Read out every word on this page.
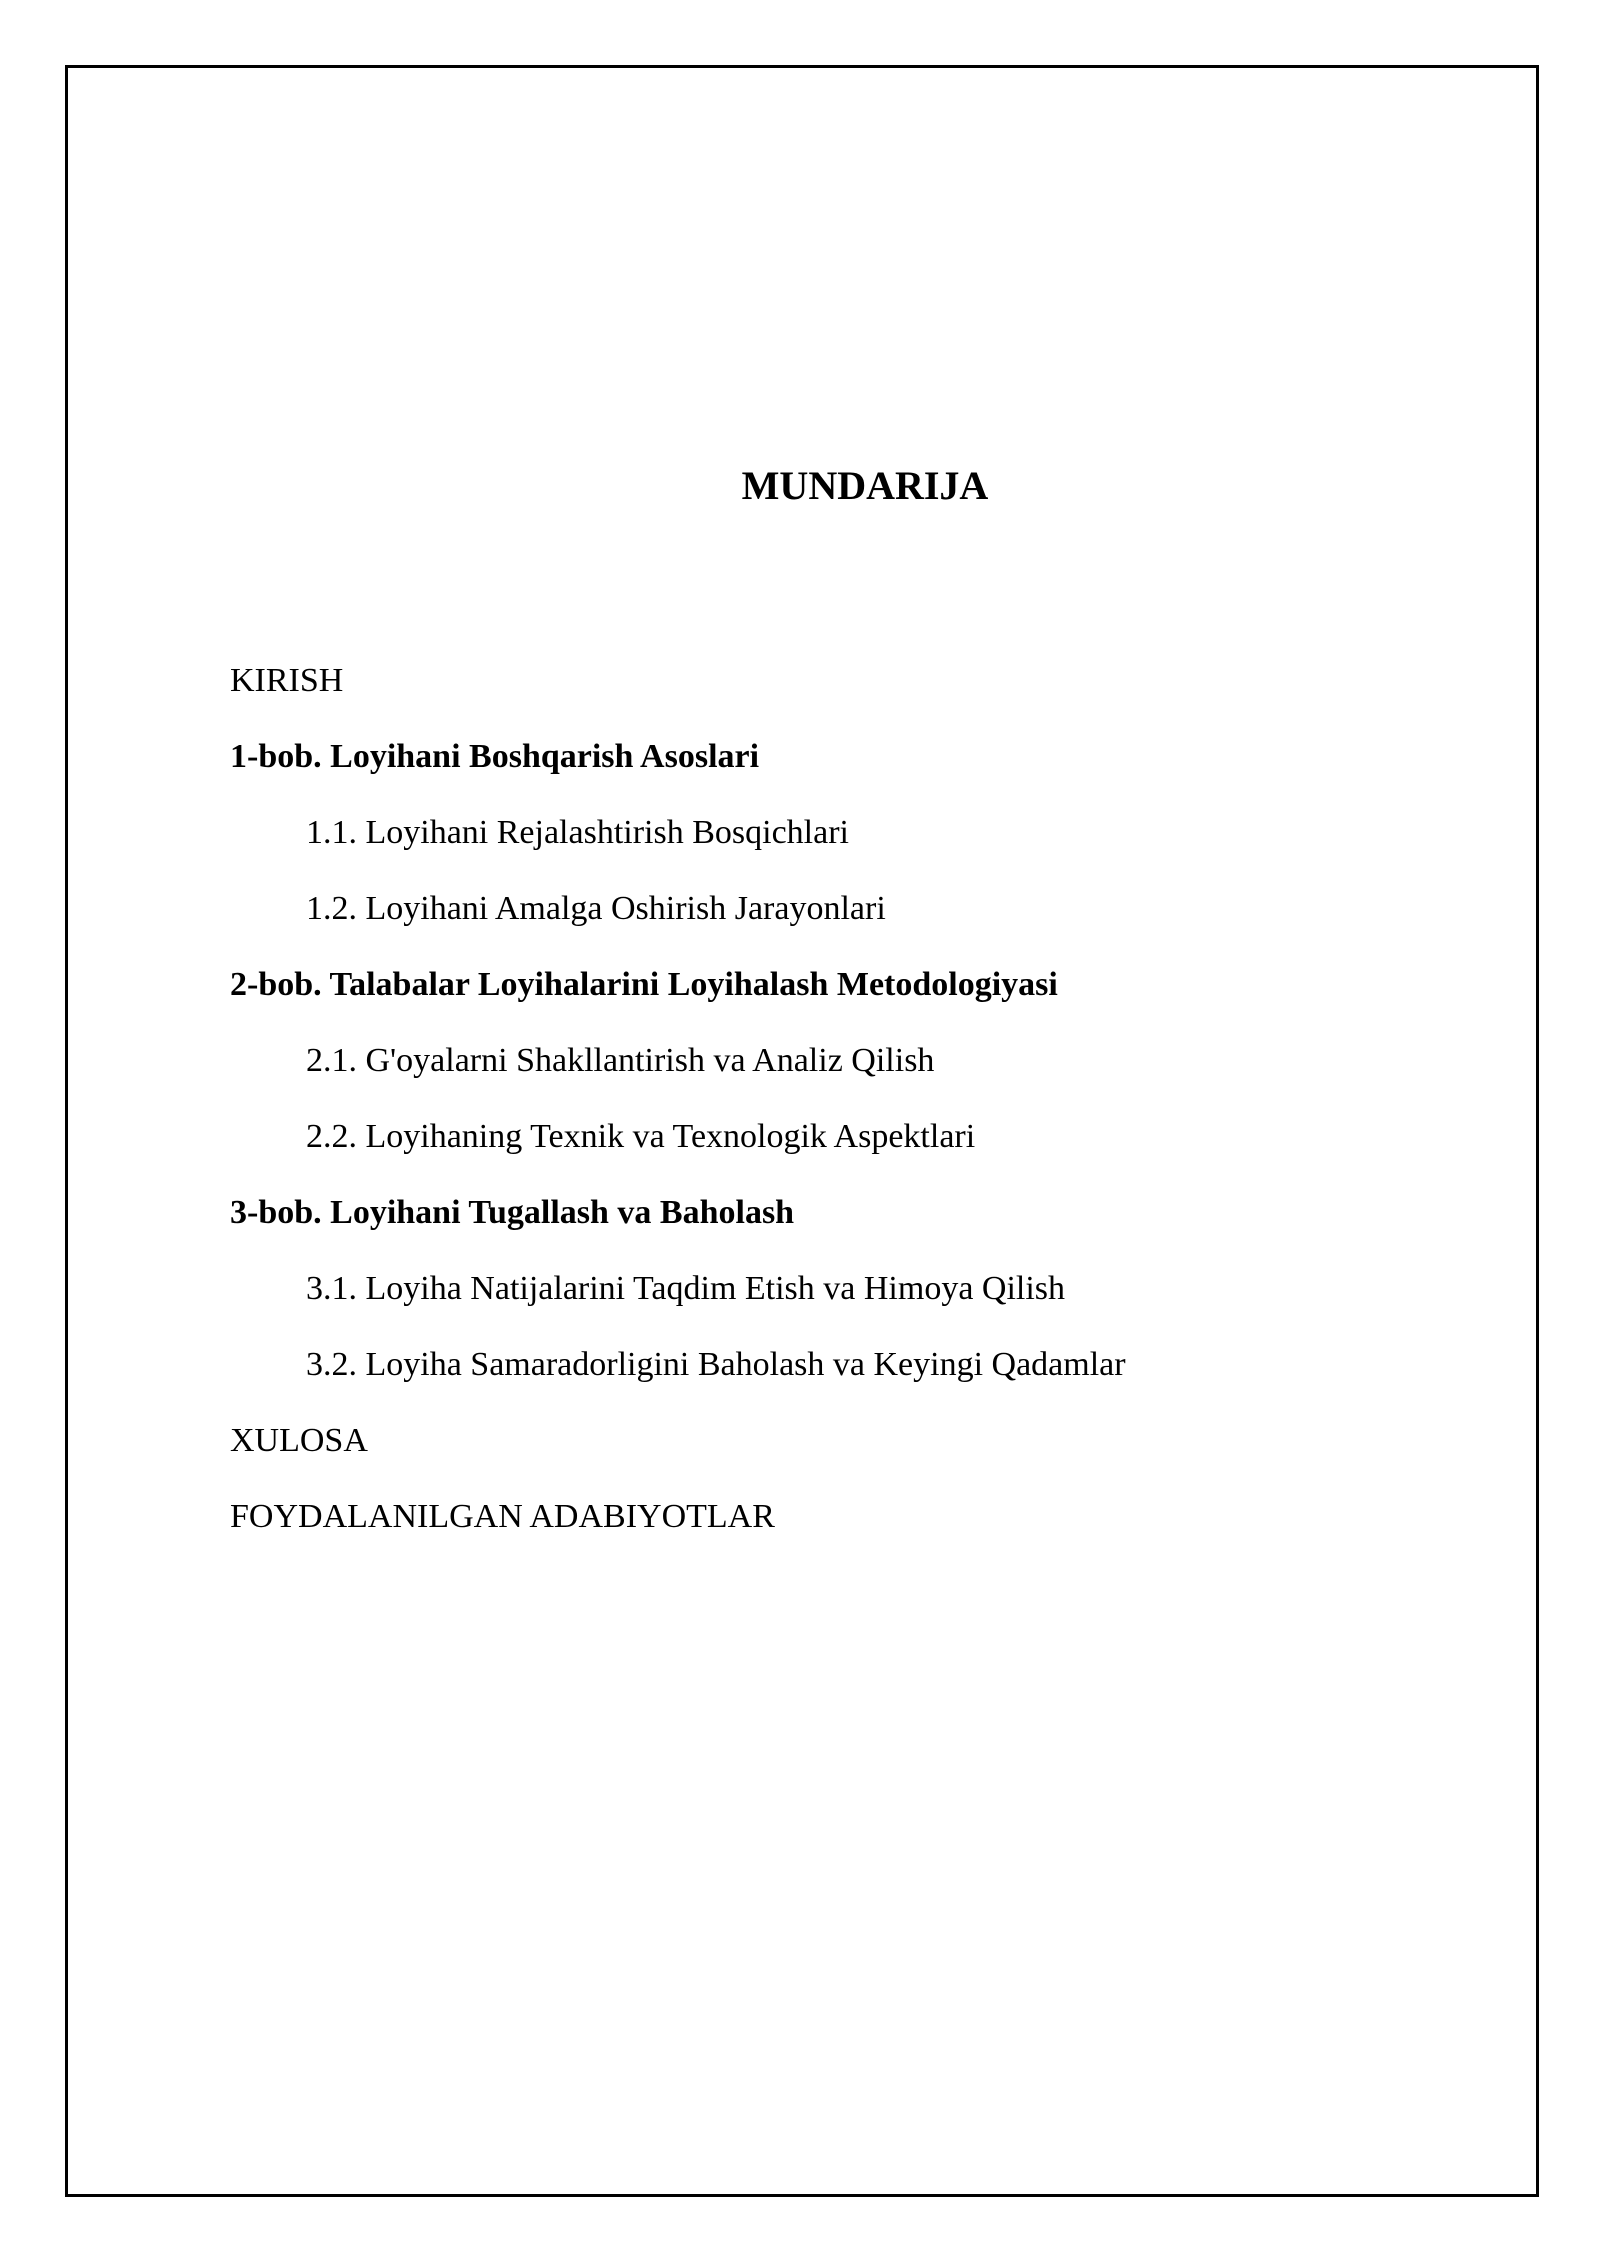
MUNDARIJA
KIRISH
1-bob. Loyihani Boshqarish Asoslari
1.1. Loyihani Rejalashtirish Bosqichlari
1.2. Loyihani Amalga Oshirish Jarayonlari
2-bob. Talabalar Loyihalarini Loyihalash Metodologiyasi
2.1. G'oyalarni Shakllantirish va Analiz Qilish
2.2. Loyihaning Texnik va Texnologik Aspektlari
3-bob. Loyihani Tugallash va Baholash
3.1. Loyiha Natijalarini Taqdim Etish va Himoya Qilish
3.2. Loyiha Samaradorligini Baholash va Keyingi Qadamlar
XULOSA
FOYDALANILGAN ADABIYOTLAR
